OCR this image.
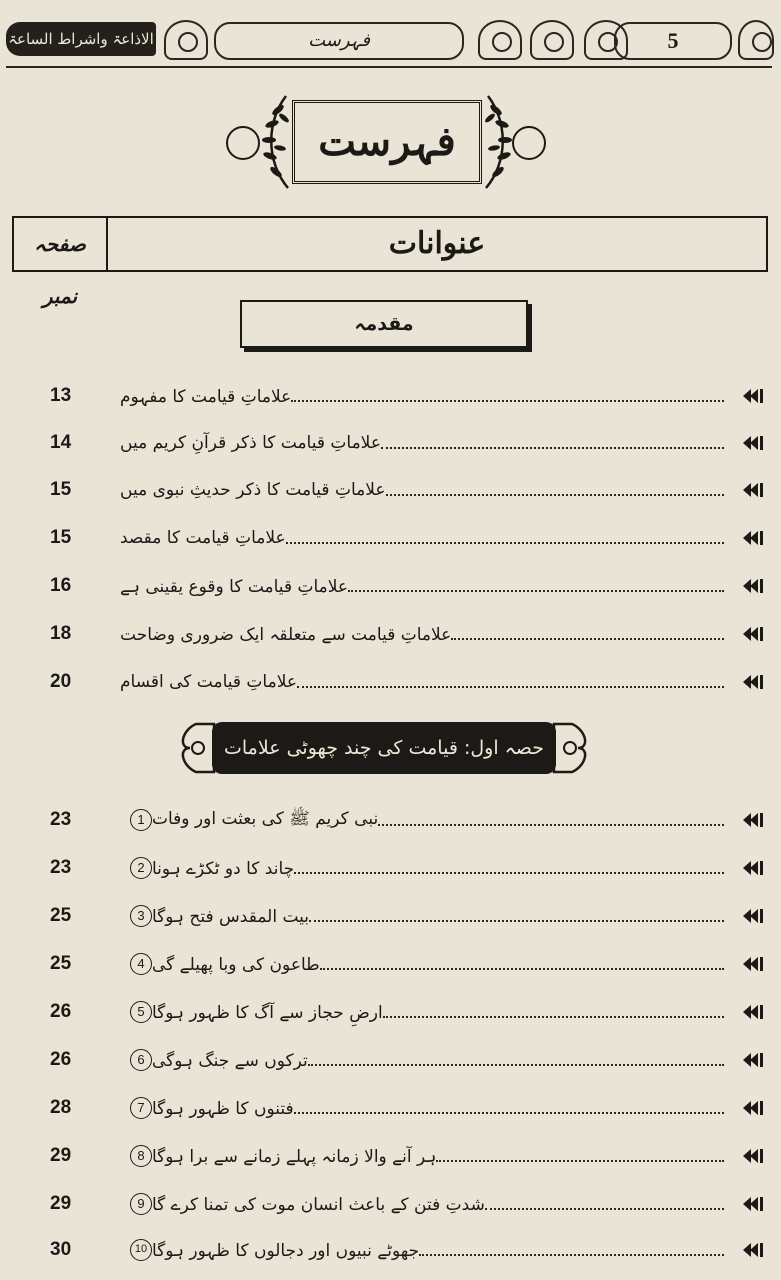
الاذاعۃ واشراط الساعۃ	فہرست	5
فہرست
صفحہ نمبر
عنوانات
مقدمہ
13	علاماتِ قیامت کا مفہوم
14	علاماتِ قیامت کا ذکر قرآنِ کریم میں
15	علاماتِ قیامت کا ذکر حدیثِ نبوی میں
15	علاماتِ قیامت کا مقصد
16	علاماتِ قیامت کا وقوع یقینی ہے
18	علاماتِ قیامت سے متعلقہ ایک ضروری وضاحت
20	علاماتِ قیامت کی اقسام
حصہ اول: قیامت کی چند چھوٹی علامات
23	1 نبی کریم ﷺ کی بعثت اور وفات
23	2 چاند کا دو ٹکڑے ہونا
25	3 بیت المقدس فتح ہوگا
25	4 طاعون کی وبا پھیلے گی
26	5 ارضِ حجاز سے آگ کا ظہور ہوگا
26	6 ترکوں سے جنگ ہوگی
28	7 فتنوں کا ظہور ہوگا
29	8 ہر آنے والا زمانہ پہلے زمانے سے برا ہوگا
29	9 شدتِ فتن کے باعث انسان موت کی تمنا کرے گا
30	10 جھوٹے نبیوں اور دجالوں کا ظہور ہوگا
